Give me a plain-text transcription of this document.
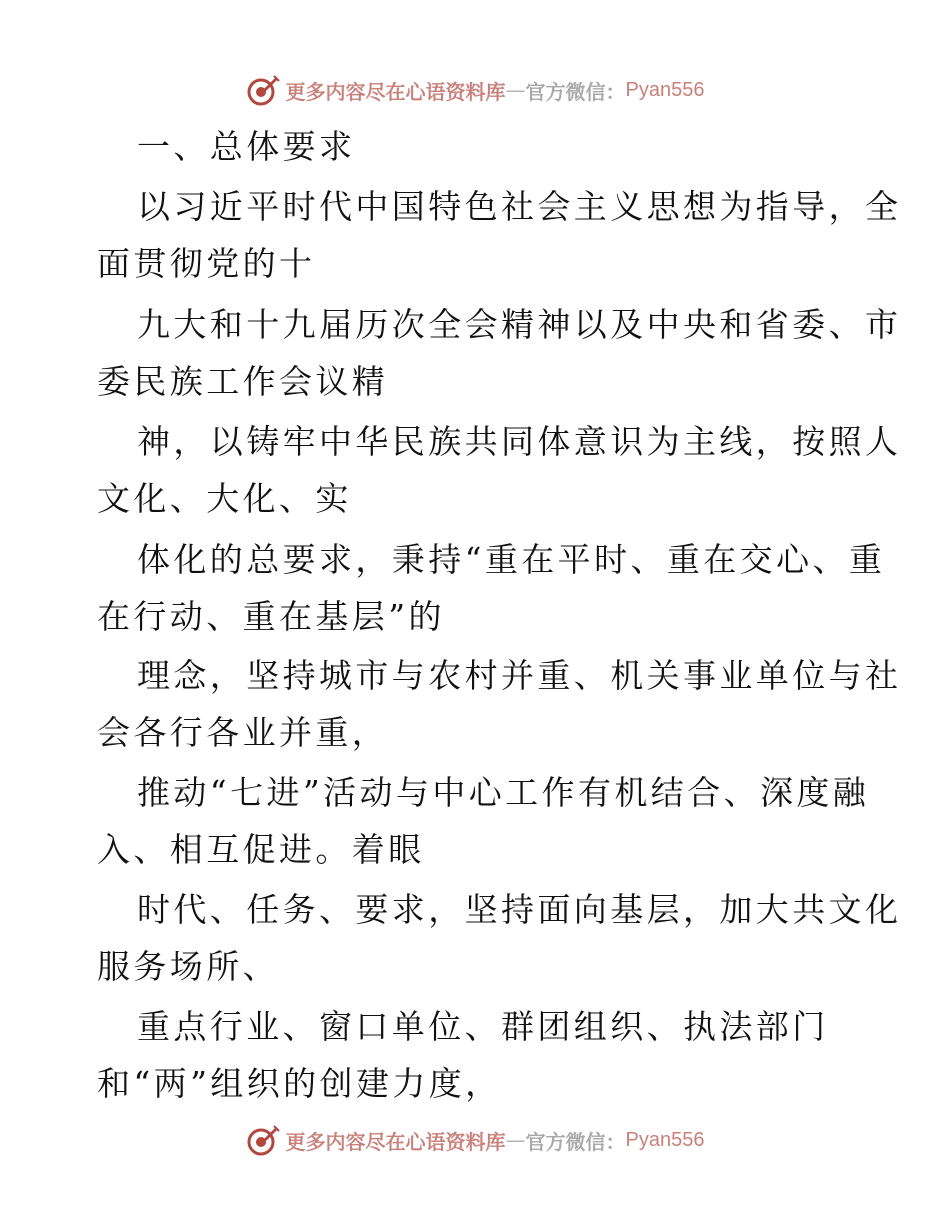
更多内容尽在心语资料库 — 官方微信： Pyan556
一、总体要求
以习近平时代中国特色社会主义思想为指导，全
面贯彻党的十
九大和十九届历次全会精神以及中央和省委、市
委民族工作会议精
神，以铸牢中华民族共同体意识为主线，按照人
文化、大化、实
体化的总要求，秉持“重在平时、重在交心、重
在行动、重在基层”的
理念，坚持城市与农村并重、机关事业单位与社
会各行各业并重，
推动“七进”活动与中心工作有机结合、深度融
入、相互促进。着眼
时代、任务、要求，坚持面向基层，加大共文化
服务场所、
重点行业、窗口单位、群团组织、执法部门
和“两”组织的创建力度，
更多内容尽在心语资料库 — 官方微信： Pyan556
